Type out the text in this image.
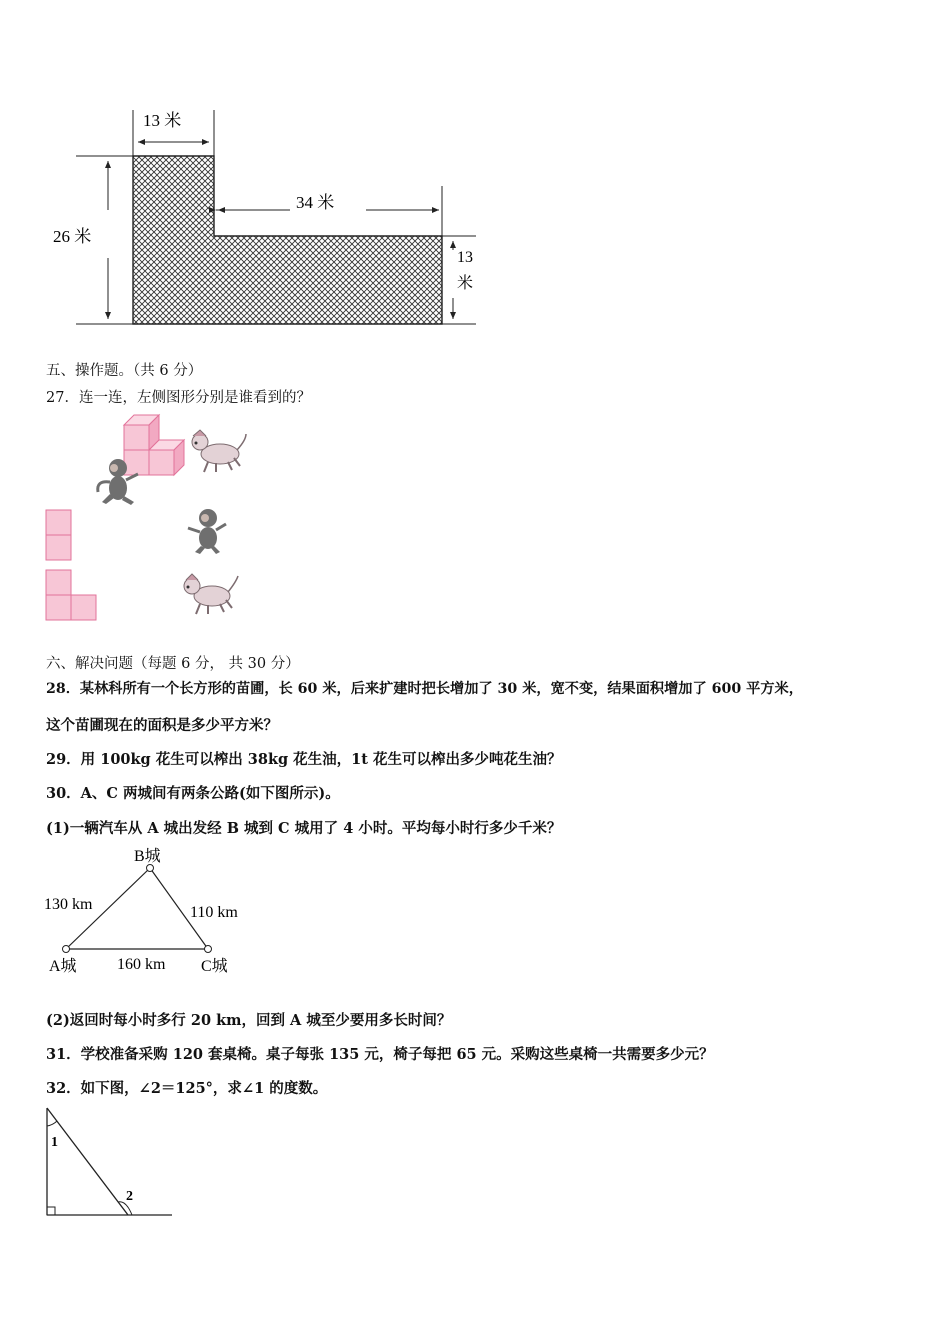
13 米
34 米
26 米
13
米
五、操作题。（共 6 分）
27．连一连，左侧图形分别是谁看到的？
六、解决问题（每题 6 分， 共 30 分）
28．某林科所有一个长方形的苗圃，长 60 米，后来扩建时把长增加了 30 米，宽不变，结果面积增加了 600 平方米，
这个苗圃现在的面积是多少平方米？
29．用 100kg 花生可以榨出 38kg 花生油，1t 花生可以榨出多少吨花生油？
30．A、C 两城间有两条公路(如下图所示)。
(1)一辆汽车从 A 城出发经 B 城到 C 城用了 4 小时。平均每小时行多少千米？
B城
A城	C城
130 km	110 km
160 km
(2)返回时每小时多行 20 km，回到 A 城至少要用多长时间？
31．学校准备采购 120 套桌椅。桌子每张 135 元，椅子每把 65 元。采购这些桌椅一共需要多少元？
32．如下图，∠2＝125°，求∠1 的度数。
1
2
